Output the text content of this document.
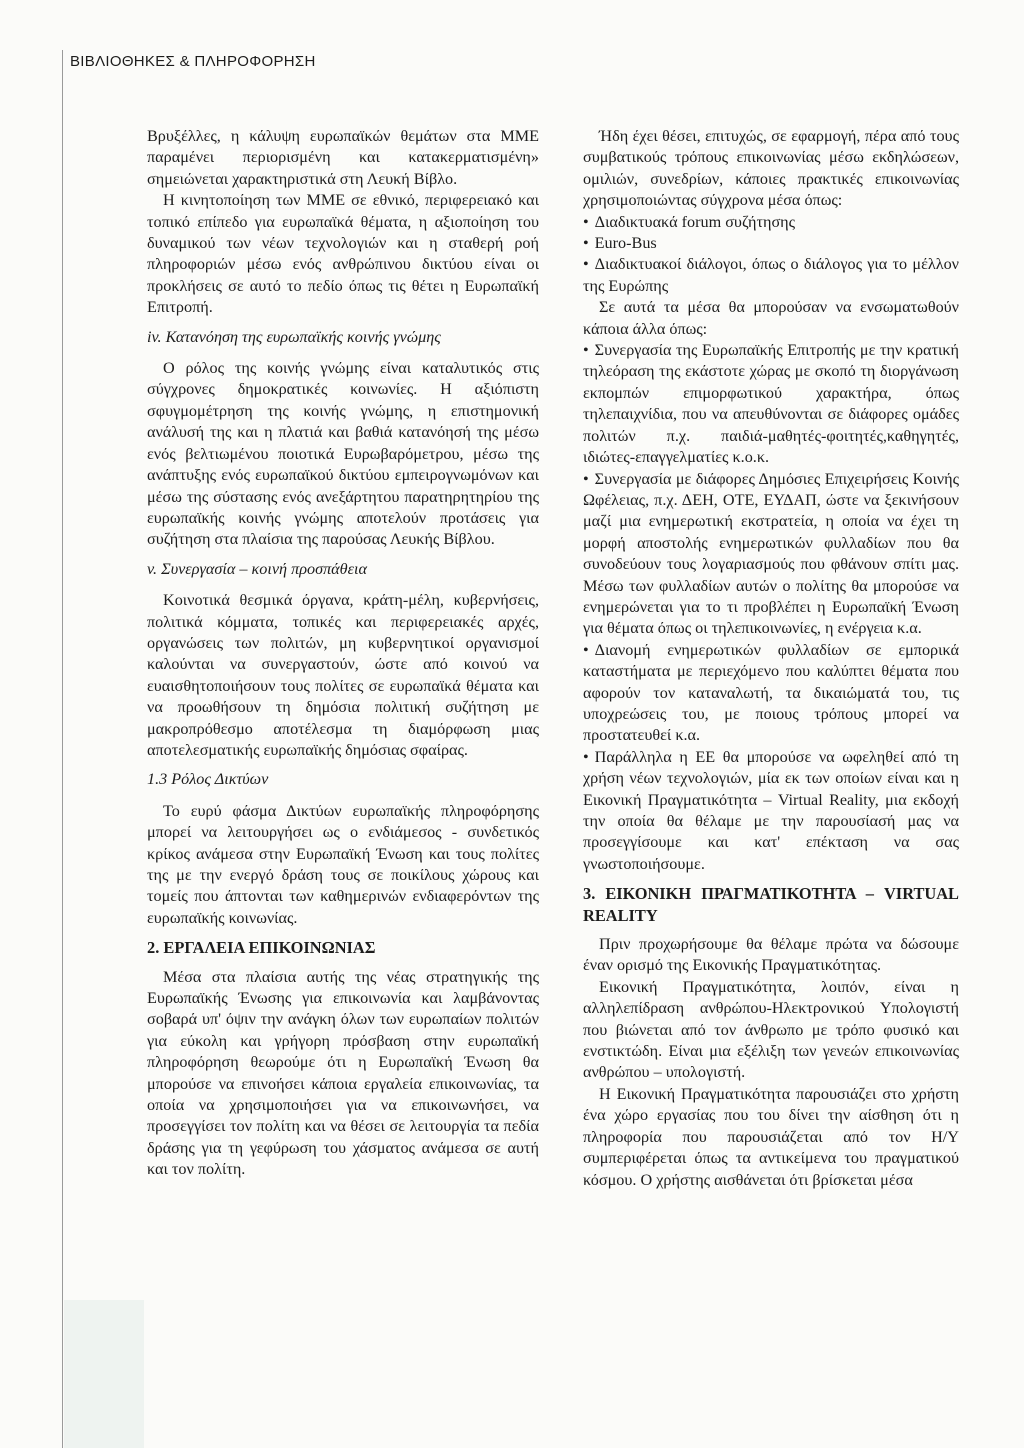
ΒΙΒΛΙΟΘΗΚΕΣ & ΠΛΗΡΟΦΟΡΗΣΗ

Βρυξέλλες, η κάλυψη ευρωπαϊκών θεμάτων στα ΜΜΕ παραμένει περιορισμένη και κατακερματισμένη» σημειώνεται χαρακτηριστικά στη Λευκή Βίβλο.

Η κινητοποίηση των ΜΜΕ σε εθνικό, περιφερειακό και τοπικό επίπεδο για ευρωπαϊκά θέματα, η αξιοποίηση του δυναμικού των νέων τεχνολογιών και η σταθερή ροή πληροφοριών μέσω ενός ανθρώπινου δικτύου είναι οι προκλήσεις σε αυτό το πεδίο όπως τις θέτει η Ευρωπαϊκή Επιτροπή.

iv. Κατανόηση της ευρωπαϊκής κοινής γνώμης

Ο ρόλος της κοινής γνώμης είναι καταλυτικός στις σύγχρονες δημοκρατικές κοινωνίες. Η αξιόπιστη σφυγμομέτρηση της κοινής γνώμης, η επιστημονική ανάλυσή της και η πλατιά και βαθιά κατανόησή της μέσω ενός βελτιωμένου ποιοτικά Ευρωβαρόμετρου, μέσω της ανάπτυξης ενός ευρωπαϊκού δικτύου εμπειρογνωμόνων και μέσω της σύστασης ενός ανεξάρτητου παρατηρητηρίου της ευρωπαϊκής κοινής γνώμης αποτελούν προτάσεις για συζήτηση στα πλαίσια της παρούσας Λευκής Βίβλου.

v. Συνεργασία – κοινή προσπάθεια

Κοινοτικά θεσμικά όργανα, κράτη-μέλη, κυβερνήσεις, πολιτικά κόμματα, τοπικές και περιφερειακές αρχές, οργανώσεις των πολιτών, μη κυβερνητικοί οργανισμοί καλούνται να συνεργαστούν, ώστε από κοινού να ευαισθητοποιήσουν τους πολίτες σε ευρωπαϊκά θέματα και να προωθήσουν τη δημόσια πολιτική συζήτηση με μακροπρόθεσμο αποτέλεσμα τη διαμόρφωση μιας αποτελεσματικής ευρωπαϊκής δημόσιας σφαίρας.

1.3 Ρόλος Δικτύων

Το ευρύ φάσμα Δικτύων ευρωπαϊκής πληροφόρησης μπορεί να λειτουργήσει ως ο ενδιάμεσος - συνδετικός κρίκος ανάμεσα στην Ευρωπαϊκή Ένωση και τους πολίτες της με την ενεργό δράση τους σε ποικίλους χώρους και τομείς που άπτονται των καθημερινών ενδιαφερόντων της ευρωπαϊκής κοινωνίας.

2. ΕΡΓΑΛΕΙΑ ΕΠΙΚΟΙΝΩΝΙΑΣ

Μέσα στα πλαίσια αυτής της νέας στρατηγικής της Ευρωπαϊκής Ένωσης για επικοινωνία και λαμβάνοντας σοβαρά υπ' όψιν την ανάγκη όλων των ευρωπαίων πολιτών για εύκολη και γρήγορη πρόσβαση στην ευρωπαϊκή πληροφόρηση θεωρούμε ότι η Ευρωπαϊκή Ένωση θα μπορούσε να επινοήσει κάποια εργαλεία επικοινωνίας, τα οποία να χρησιμοποιήσει για να επικοινωνήσει, να προσεγγίσει τον πολίτη και να θέσει σε λειτουργία τα πεδία δράσης για τη γεφύρωση του χάσματος ανάμεσα σε αυτή και τον πολίτη.

Ήδη έχει θέσει, επιτυχώς, σε εφαρμογή, πέρα από τους συμβατικούς τρόπους επικοινωνίας μέσω εκδηλώσεων, ομιλιών, συνεδρίων, κάποιες πρακτικές επικοινωνίας χρησιμοποιώντας σύγχρονα μέσα όπως:

• Διαδικτυακά forum συζήτησης
• Euro-Bus
• Διαδικτυακοί διάλογοι, όπως ο διάλογος για το μέλλον της Ευρώπης

Σε αυτά τα μέσα θα μπορούσαν να ενσωματωθούν κάποια άλλα όπως:

• Συνεργασία της Ευρωπαϊκής Επιτροπής με την κρατική τηλεόραση της εκάστοτε χώρας με σκοπό τη διοργάνωση εκπομπών επιμορφωτικού χαρακτήρα, όπως τηλεπαιχνίδια, που να απευθύνονται σε διάφορες ομάδες πολιτών π.χ. παιδιά-μαθητές-φοιτητές,καθηγητές, ιδιώτες-επαγγελματίες κ.ο.κ.
• Συνεργασία με διάφορες Δημόσιες Επιχειρήσεις Κοινής Ωφέλειας, π.χ. ΔΕΗ, ΟΤΕ, ΕΥΔΑΠ, ώστε να ξεκινήσουν μαζί μια ενημερωτική εκστρατεία, η οποία να έχει τη μορφή αποστολής ενημερωτικών φυλλαδίων που θα συνοδεύουν τους λογαριασμούς που φθάνουν σπίτι μας. Μέσω των φυλλαδίων αυτών ο πολίτης θα μπορούσε να ενημερώνεται για το τι προβλέπει η Ευρωπαϊκή Ένωση για θέματα όπως οι τηλεπικοινωνίες, η ενέργεια κ.α.
• Διανομή ενημερωτικών φυλλαδίων σε εμπορικά καταστήματα με περιεχόμενο που καλύπτει θέματα που αφορούν τον καταναλωτή, τα δικαιώματά του, τις υποχρεώσεις του, με ποιους τρόπους μπορεί να προστατευθεί κ.α.
• Παράλληλα η ΕΕ θα μπορούσε να ωφεληθεί από τη χρήση νέων τεχνολογιών, μία εκ των οποίων είναι και η Εικονική Πραγματικότητα – Virtual Reality, μια εκδοχή την οποία θα θέλαμε με την παρουσίασή μας να προσεγγίσουμε και κατ' επέκταση να σας γνωστοποιήσουμε.
3. ΕΙΚΟΝΙΚΗ ΠΡΑΓΜΑΤΙΚΟΤΗΤΑ – VIRTUAL REALITY

Πριν προχωρήσουμε θα θέλαμε πρώτα να δώσουμε έναν ορισμό της Εικονικής Πραγματικότητας.

Εικονική Πραγματικότητα, λοιπόν, είναι η αλληλεπίδραση ανθρώπου-Ηλεκτρονικού Υπολογιστή που βιώνεται από τον άνθρωπο με τρόπο φυσικό και ενστικτώδη. Είναι μια εξέλιξη των γενεών επικοινωνίας ανθρώπου – υπολογιστή.

Η Εικονική Πραγματικότητα παρουσιάζει στο χρήστη ένα χώρο εργασίας που του δίνει την αίσθηση ότι η πληροφορία που παρουσιάζεται από τον Η/Υ συμπεριφέρεται όπως τα αντικείμενα του πραγματικού κόσμου. Ο χρήστης αισθάνεται ότι βρίσκεται μέσα
